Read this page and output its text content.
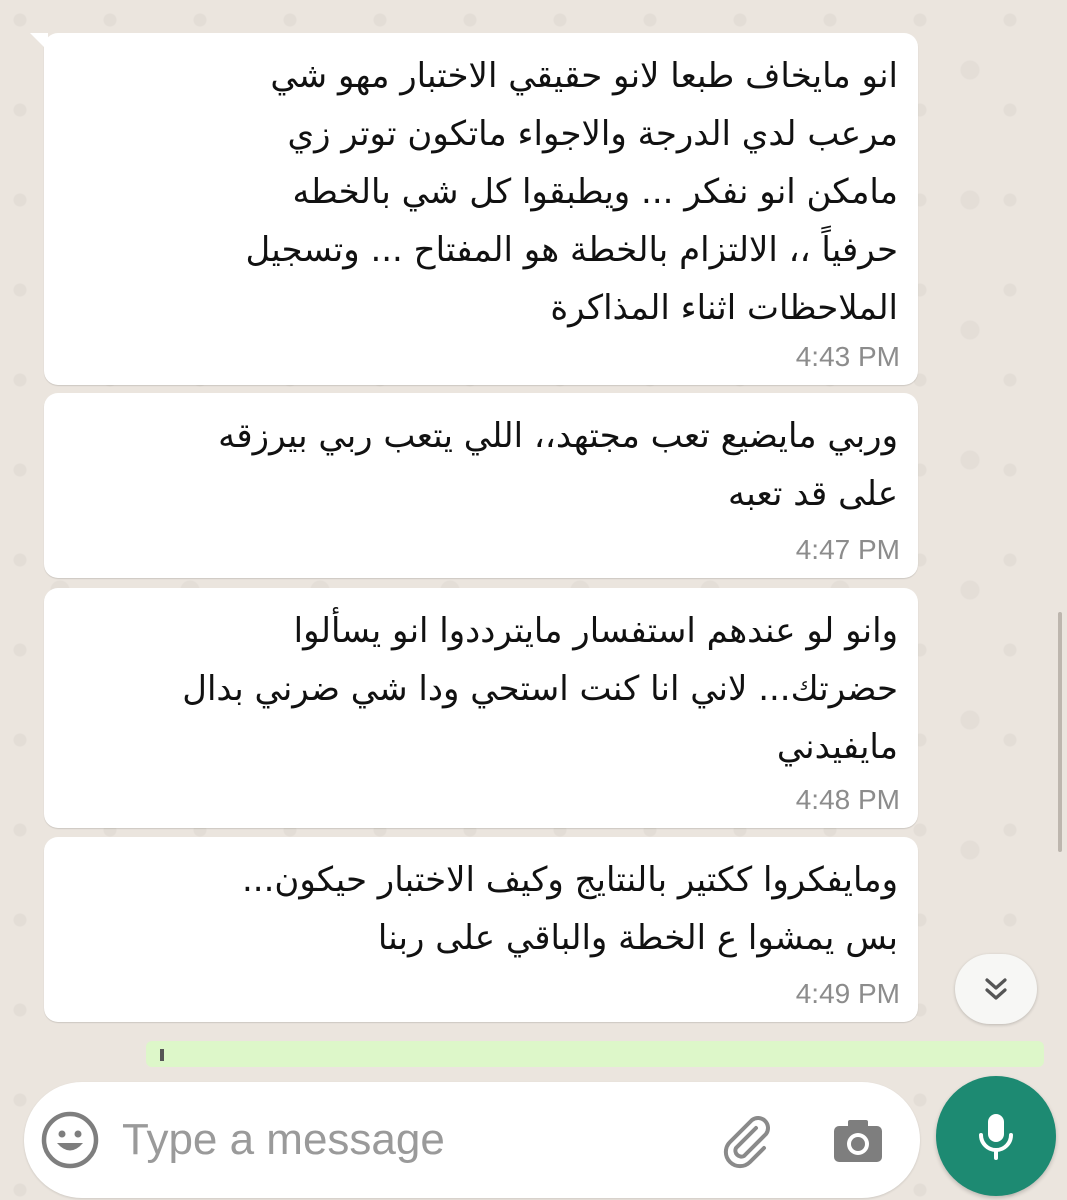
انو مايخاف طبعا لانو حقيقي الاختبار مهو شي
مرعب لدي الدرجة والاجواء ماتكون توتر زي
مامكن انو نفكر ... ويطبقوا كل شي بالخطه
حرفياً ،، الالتزام بالخطة هو المفتاح ... وتسجيل
الملاحظات اثناء المذاكرة
4:43 PM
وربي مايضيع تعب مجتهد،، اللي يتعب ربي بيرزقه
على قد تعبه
4:47 PM
وانو لو عندهم استفسار مايترددوا انو يسألوا
حضرتك... لاني انا كنت استحي ودا شي ضرني بدال
مايفيدني
4:48 PM
ومايفكروا ككتير بالنتايج وكيف الاختبار حيكون...
بس يمشوا ع الخطة والباقي على ربنا
4:49 PM
Type a message
